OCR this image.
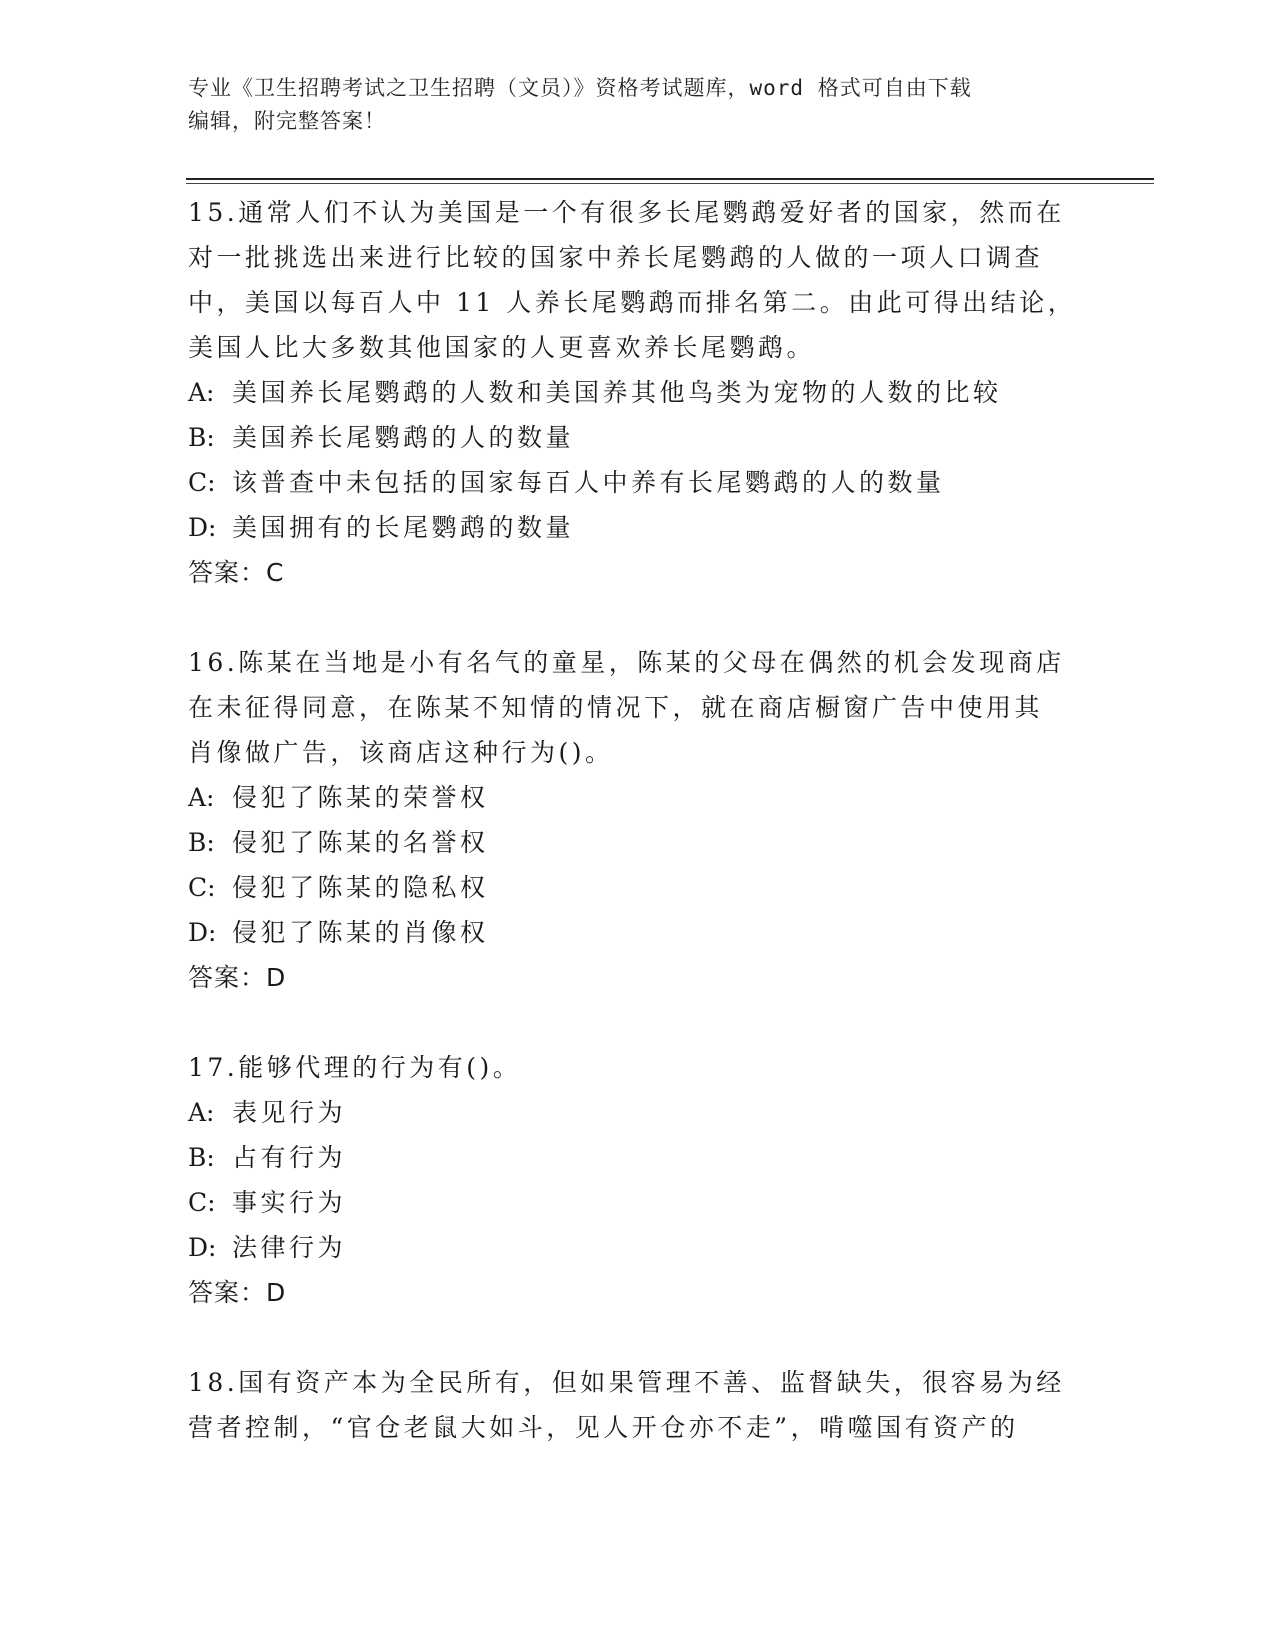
专业《卫生招聘考试之卫生招聘（文员）》资格考试题库，word 格式可自由下载
编辑，附完整答案！

15.通常人们不认为美国是一个有很多长尾鹦鹉爱好者的国家，然而在
对一批挑选出来进行比较的国家中养长尾鹦鹉的人做的一项人口调查
中，美国以每百人中 11 人养长尾鹦鹉而排名第二。由此可得出结论，
美国人比大多数其他国家的人更喜欢养长尾鹦鹉。

A: 美国养长尾鹦鹉的人数和美国养其他鸟类为宠物的人数的比较

B: 美国养长尾鹦鹉的人的数量

C: 该普查中未包括的国家每百人中养有长尾鹦鹉的人的数量

D: 美国拥有的长尾鹦鹉的数量

答案：C

16.陈某在当地是小有名气的童星，陈某的父母在偶然的机会发现商店
在未征得同意，在陈某不知情的情况下，就在商店橱窗广告中使用其
肖像做广告，该商店这种行为()。

A: 侵犯了陈某的荣誉权

B: 侵犯了陈某的名誉权

C: 侵犯了陈某的隐私权

D: 侵犯了陈某的肖像权

答案：D

17.能够代理的行为有()。

A: 表见行为

B: 占有行为

C: 事实行为

D: 法律行为

答案：D

18.国有资产本为全民所有，但如果管理不善、监督缺失，很容易为经
营者控制，“官仓老鼠大如斗，见人开仓亦不走”，啃噬国有资产的
